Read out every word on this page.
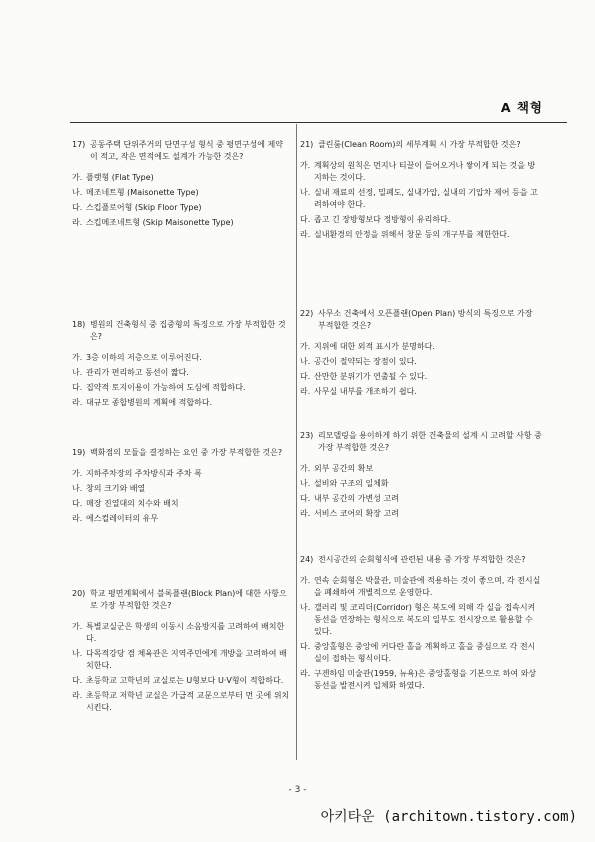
A 책형
17) 공동주택 단위주거의 단면구성 형식 중 평면구성에 제약이 적고, 작은 면적에도 설계가 가능한 것은?
가. 플랫형 (Flat Type)
나. 메조네트형 (Maisonette Type)
다. 스킵플로어형 (Skip Floor Type)
라. 스킵메조네트형 (Skip Maisonette Type)
18) 병원의 건축형식 중 집중형의 특징으로 가장 부적합한 것은?
가. 3층 이하의 저층으로 이루어진다.
나. 관리가 편리하고 동선이 짧다.
다. 집약적 토지이용이 가능하여 도심에 적합하다.
라. 대규모 종합병원의 계획에 적합하다.
19) 백화점의 모듈을 결정하는 요인 중 가장 부적합한 것은?
가. 지하주차장의 주차방식과 주차 폭
나. 창의 크기와 배열
다. 매장 진열대의 치수와 배치
라. 에스컬레이터의 유무
20) 학교 평면계획에서 블록플랜(Block Plan)에 대한 사항으로 가장 부적합한 것은?
가. 특별교실군은 학생의 이동시 소음방지를 고려하여 배치한다.
나. 다목적강당 겸 체육관은 지역주민에게 개방을 고려하여 배치한다.
다. 초등학교 고학년의 교실로는 U형보다 U·V형이 적합하다.
라. 초등학교 저학년 교실은 가급적 교문으로부터 먼 곳에 위치시킨다.
21) 클린룸(Clean Room)의 세부계획 시 가장 부적합한 것은?
가. 계획상의 원칙은 먼지나 티끌이 들어오거나 쌓이게 되는 것을 방지하는 것이다.
나. 실내 재료의 선정, 밀폐도, 실내가압, 실내의 기압차 제어 등을 고려하여야 한다.
다. 좁고 긴 장방형보다 정방형이 유리하다.
라. 실내환경의 안정을 위해서 창문 등의 개구부를 제한한다.
22) 사무소 건축에서 오픈플랜(Open Plan) 방식의 특징으로 가장 부적합한 것은?
가. 지위에 대한 외적 표시가 분명하다.
나. 공간이 절약되는 장점이 있다.
다. 산만한 분위기가 연출될 수 있다.
라. 사무실 내부를 개조하기 쉽다.
23) 리모델링을 용이하게 하기 위한 건축물의 설계 시 고려할 사항 중 가장 부적합한 것은?
가. 외부 공간의 확보
나. 설비와 구조의 일체화
다. 내부 공간의 가변성 고려
라. 서비스 코어의 확장 고려
24) 전시공간의 순회형식에 관련된 내용 중 가장 부적합한 것은?
가. 연속 순회형은 박물관, 미술관에 적용하는 것이 좋으며, 각 전시실을 폐쇄하여 개별적으로 운영한다.
나. 갤러리 및 코리더(Corridor) 형은 복도에 의해 각 실을 접속시켜 동선을 연장하는 형식으로 복도의 일부도 전시장으로 활용할 수 있다.
다. 중앙홀형은 중앙에 커다란 홀을 계획하고 홀을 중심으로 각 전시실이 접하는 형식이다.
라. 구겐하임 미술관(1959, 뉴욕)은 중앙홀형을 기본으로 하여 와상동선을 발전시켜 입체화 하였다.
- 3 -
아키타운 (architown.tistory.com)
